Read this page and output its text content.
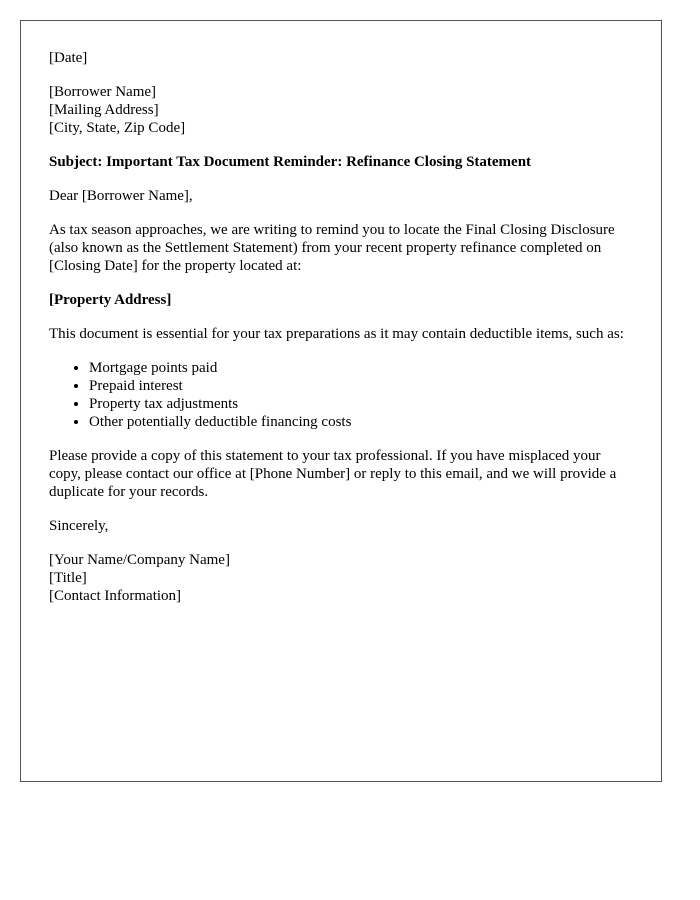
[Date]

[Borrower Name]
[Mailing Address]
[City, State, Zip Code]

Subject: Important Tax Document Reminder: Refinance Closing Statement

Dear [Borrower Name],

As tax season approaches, we are writing to remind you to locate the Final Closing Disclosure (also known as the Settlement Statement) from your recent property refinance completed on [Closing Date] for the property located at:

[Property Address]

This document is essential for your tax preparations as it may contain deductible items, such as:

• Mortgage points paid
• Prepaid interest
• Property tax adjustments
• Other potentially deductible financing costs

Please provide a copy of this statement to your tax professional. If you have misplaced your copy, please contact our office at [Phone Number] or reply to this email, and we will provide a duplicate for your records.

Sincerely,

[Your Name/Company Name]
[Title]
[Contact Information]
